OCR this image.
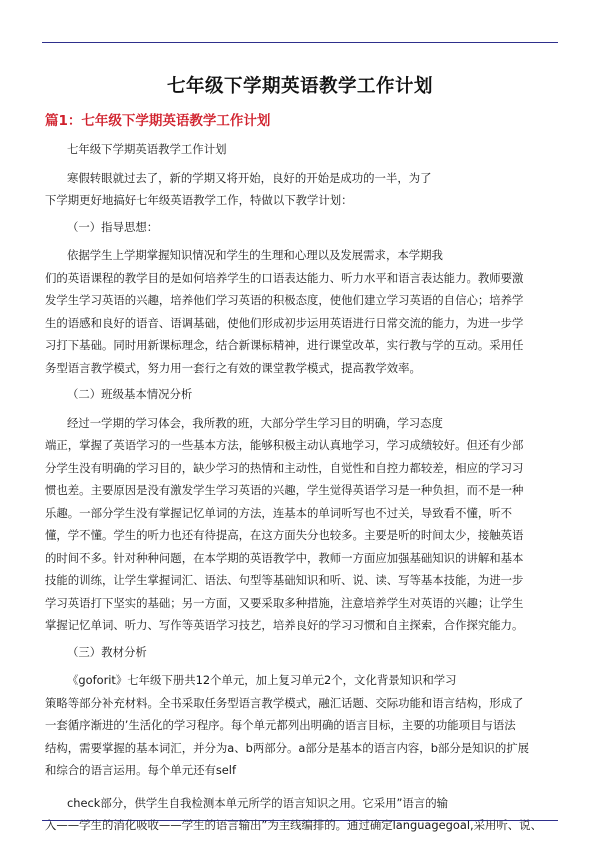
七年级下学期英语教学工作计划
篇1：七年级下学期英语教学工作计划
七年级下学期英语教学工作计划
寒假转眼就过去了，新的学期又将开始，良好的开始是成功的一半，为了
下学期更好地搞好七年级英语教学工作，特做以下教学计划：
（一）指导思想：
依据学生上学期掌握知识情况和学生的生理和心理以及发展需求，本学期我
们的英语课程的教学目的是如何培养学生的口语表达能力、听力水平和语言表达能力。教师要激
发学生学习英语的兴趣，培养他们学习英语的积极态度，使他们建立学习英语的自信心；培养学
生的语感和良好的语音、语调基础，使他们形成初步运用英语进行日常交流的能力，为进一步学
习打下基础。同时用新课标理念，结合新课标精神，进行课堂改革，实行教与学的互动。采用任
务型语言教学模式，努力用一套行之有效的课堂教学模式，提高教学效率。
（二）班级基本情况分析
经过一学期的学习体会，我所教的班，大部分学生学习目的明确，学习态度
端正，掌握了英语学习的一些基本方法，能够积极主动认真地学习，学习成绩较好。但还有少部
分学生没有明确的学习目的，缺少学习的热情和主动性，自觉性和自控力都较差，相应的学习习
惯也差。主要原因是没有激发学生学习英语的兴趣，学生觉得英语学习是一种负担，而不是一种
乐趣。一部分学生没有掌握记忆单词的方法，连基本的单词听写也不过关，导致看不懂，听不
懂，学不懂。学生的听力也还有待提高，在这方面失分也较多。主要是听的时间太少，接触英语
的时间不多。针对种种问题，在本学期的英语教学中，教师一方面应加强基础知识的讲解和基本
技能的训练，让学生掌握词汇、语法、句型等基础知识和听、说、读、写等基本技能，为进一步
学习英语打下坚实的基础；另一方面，又要采取多种措施，注意培养学生对英语的兴趣；让学生
掌握记忆单词、听力、写作等英语学习技艺，培养良好的学习习惯和自主探索，合作探究能力。
（三）教材分析
《goforit》七年级下册共12个单元，加上复习单元2个，文化背景知识和学习
策略等部分补充材料。全书采取任务型语言教学模式，融汇话题、交际功能和语言结构，形成了
一套循序渐进的’生活化的学习程序。每个单元都列出明确的语言目标，主要的功能项目与语法
结构，需要掌握的基本词汇，并分为a、b两部分。a部分是基本的语言内容，b部分是知识的扩展
和综合的语言运用。每个单元还有self
check部分，供学生自我检测本单元所学的语言知识之用。它采用”语言的输
入——学生的消化吸收——学生的语言输出”为主线编排的。通过确定languagegoal,采用听、说、
